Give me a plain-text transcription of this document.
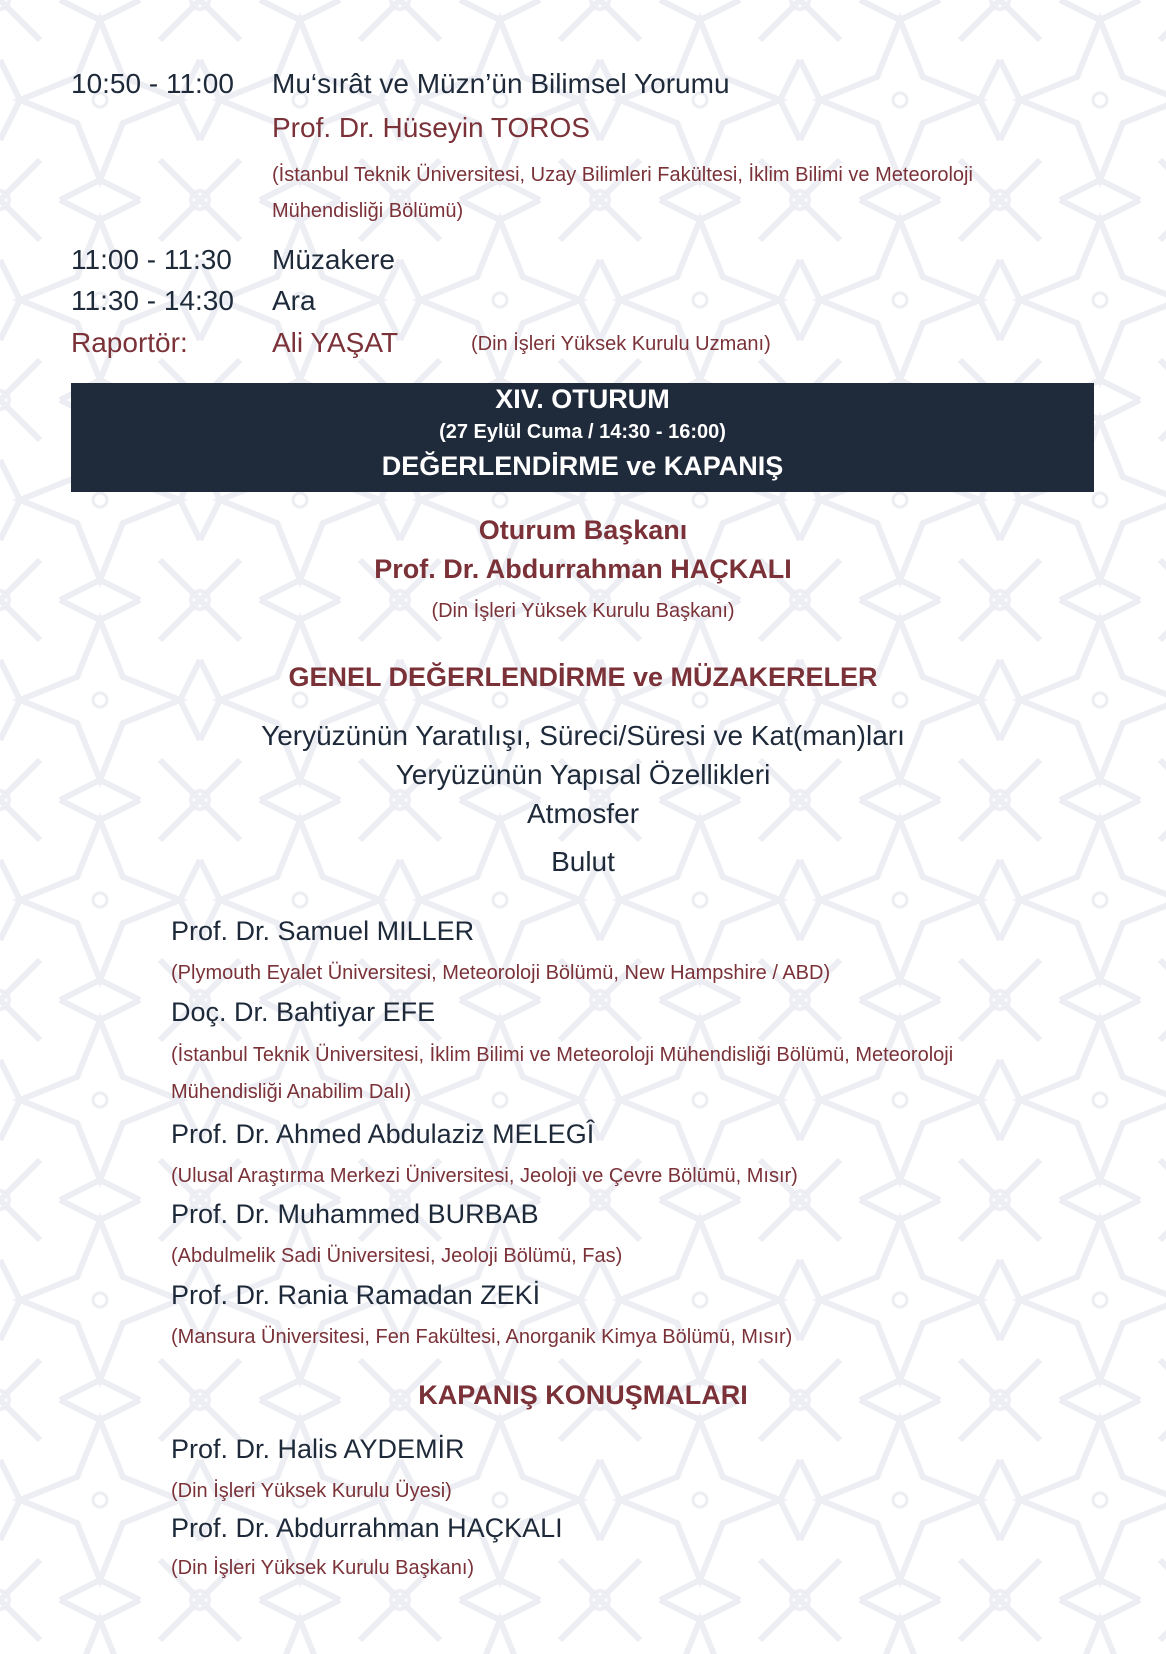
10:50 - 11:00 Mu‘sırât ve Müzn’ün Bilimsel Yorumu
Prof. Dr. Hüseyin TOROS
(İstanbul Teknik Üniversitesi, Uzay Bilimleri Fakültesi, İklim Bilimi ve Meteoroloji
Mühendisliği Bölümü)
11:00 - 11:30 Müzakere
11:30 - 14:30 Ara
Raportör:	Ali YAŞAT	(Din İşleri Yüksek Kurulu Uzmanı)
XIV. OTURUM
(27 Eylül Cuma / 14:30 - 16:00)
DEĞERLENDİRME ve KAPANIŞ
Oturum Başkanı
Prof. Dr. Abdurrahman HAÇKALI
(Din İşleri Yüksek Kurulu Başkanı)
GENEL DEĞERLENDİRME ve MÜZAKERELER
Yeryüzünün Yaratılışı, Süreci/Süresi ve Kat(man)ları
Yeryüzünün Yapısal Özellikleri
Atmosfer
Bulut
Prof. Dr. Samuel MILLER
(Plymouth Eyalet Üniversitesi, Meteoroloji Bölümü, New Hampshire / ABD)
Doç. Dr. Bahtiyar EFE
(İstanbul Teknik Üniversitesi, İklim Bilimi ve Meteoroloji Mühendisliği Bölümü, Meteoroloji
Mühendisliği Anabilim Dalı)
Prof. Dr. Ahmed Abdulaziz MELEGÎ
(Ulusal Araştırma Merkezi Üniversitesi, Jeoloji ve Çevre Bölümü, Mısır)
Prof. Dr. Muhammed BURBAB
(Abdulmelik Sadi Üniversitesi, Jeoloji Bölümü, Fas)
Prof. Dr. Rania Ramadan ZEKİ
(Mansura Üniversitesi, Fen Fakültesi, Anorganik Kimya Bölümü, Mısır)
KAPANIŞ KONUŞMALARI
Prof. Dr. Halis AYDEMİR
(Din İşleri Yüksek Kurulu Üyesi)
Prof. Dr. Abdurrahman HAÇKALI
(Din İşleri Yüksek Kurulu Başkanı)
